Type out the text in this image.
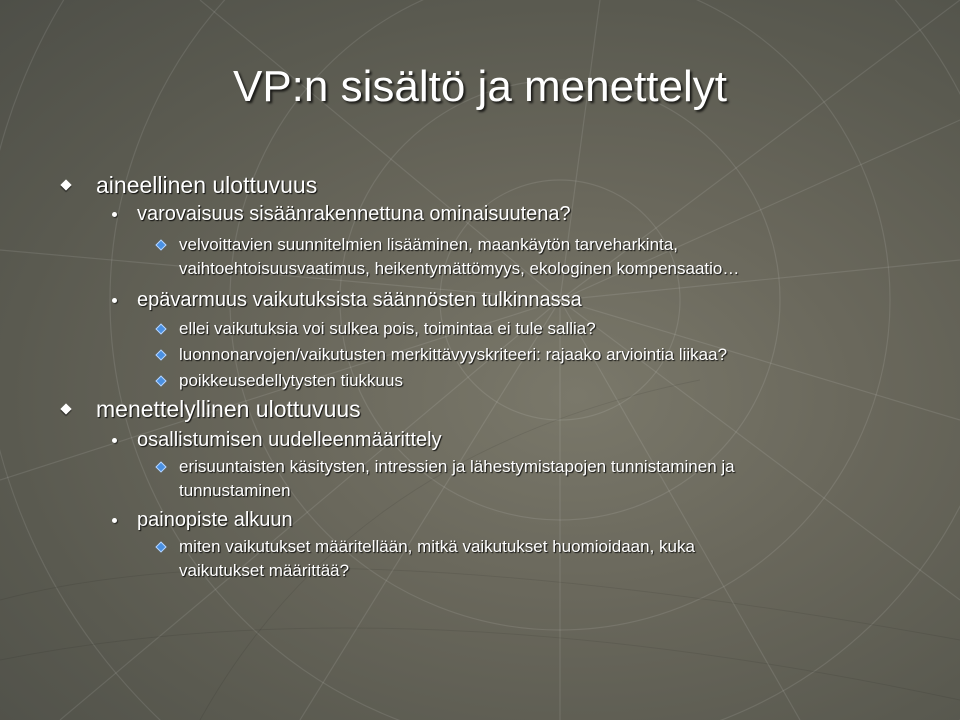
VP:n sisältö ja menettelyt
aineellinen ulottuvuus
varovaisuus sisäänrakennettuna ominaisuutena?
velvoittavien suunnitelmien lisääminen, maankäytön tarveharkinta,
vaihtoehtoisuusvaatimus, heikentymättömyys, ekologinen kompensaatio…
epävarmuus vaikutuksista säännösten tulkinnassa
ellei vaikutuksia voi sulkea pois, toimintaa ei tule sallia?
luonnonarvojen/vaikutusten merkittävyyskriteeri: rajaako arviointia liikaa?
poikkeusedellytysten tiukkuus
menettelyllinen ulottuvuus
osallistumisen uudelleenmäärittely
erisuuntaisten käsitysten, intressien ja lähestymistapojen tunnistaminen ja
tunnustaminen
painopiste alkuun
miten vaikutukset määritellään, mitkä vaikutukset huomioidaan, kuka
vaikutukset määrittää?
